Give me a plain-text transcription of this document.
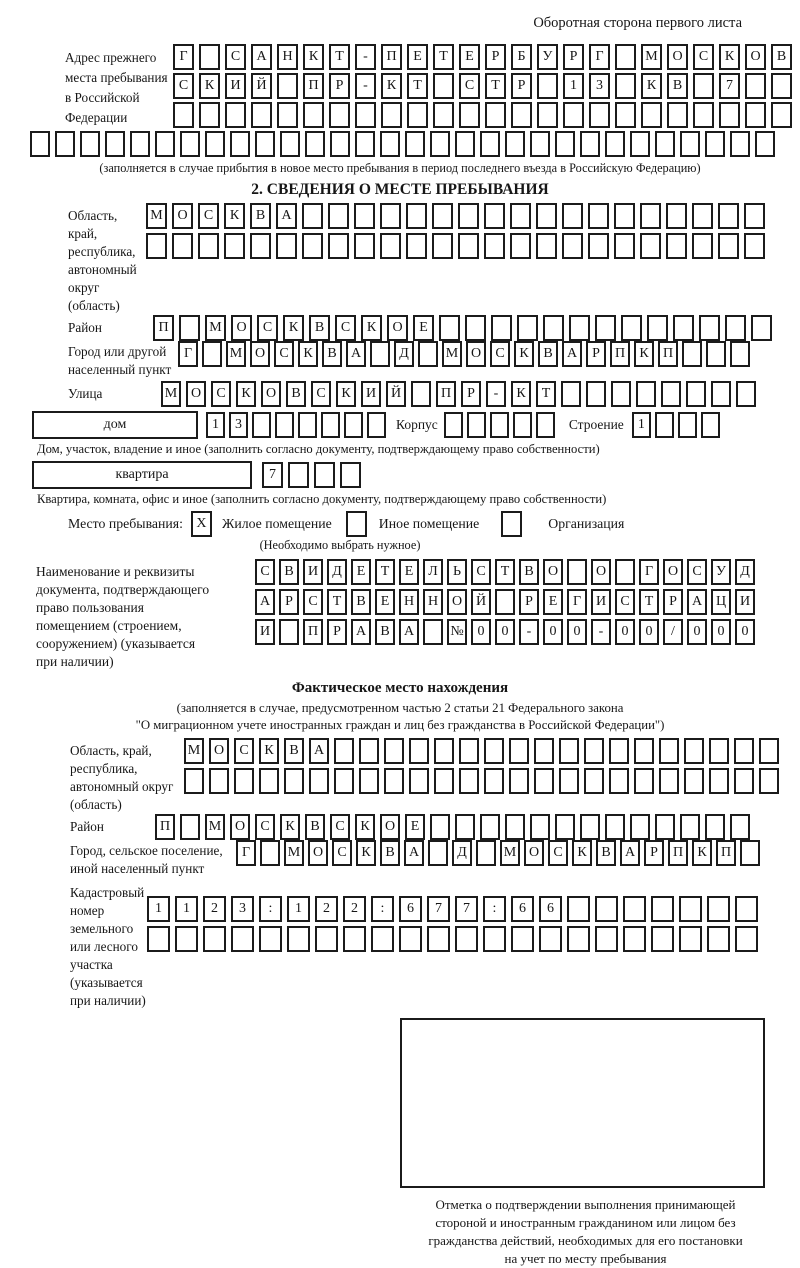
Оборотная сторона первого листа
Адрес прежнего
места пребывания
в Российской
Федерации
Г	С	А	Н	К	Т	-	П	Е	Т	Е	Р	Б	У	Р	Г	М	О	С	К	О	В
С	К	И	Й	П	Р	-	К	Т	С	Т	Р	1	3	К	В	7
(заполняется в случае прибытия в новое место пребывания в период последнего въезда в Российскую Федерацию)
2. СВЕДЕНИЯ О МЕСТЕ ПРЕБЫВАНИЯ
Область, край,
республика,
автономный
округ (область)
М	О	С	К	В	А
Район	П	М	О	С	К	В	С	К	О	Е
Город или другой
населенный пункт
Г	М О	С	К	В	А	Д	М О	С	К	В	А	Р	П	К	П
Улица	М О	С	К	О	В	С	К	И	Й	П	Р	-	К	Т
дом	1	3	Корпус	Строение	1
Дом, участок, владение и иное (заполнить согласно документу, подтверждающему право собственности)
квартира	7
Квартира, комната, офис и иное (заполнить согласно документу, подтверждающему право собственности)
Место пребывания: X	Жилое помещение	Иное помещение	Организация
(Необходимо выбрать нужное)
Наименование и реквизиты
документа, подтверждающего
право пользования
помещением (строением,
сооружением) (указывается
при наличии)
С	В	И	Д	Е	Т	Е	Л	Ь	С	Т	В	О	О	Г	О	С	У	Д
А	Р	С	Т	В	Е	Н Н О Й	Р	Е	Г	И	С	Т	Р	А Ц И
И	П	Р	А	В	А	№ 0	0	-	0	0	-	0	0	/	0	0	0
Фактическое место нахождения
(заполняется в случае, предусмотренном частью 2 статьи 21 Федерального закона
"О миграционном учете иностранных граждан и лиц без гражданства в Российской Федерации")
Область, край,
республика,
автономный округ
(область)
М О	С	К	В	А
Район	П	М О	С	К	В	С	К	О	Е
Город, сельское поселение,
иной населенный пункт
Г	М О	С	К	В	А	Д	М О	С	К	В	А	Р	П	К	П
Кадастровый номер
земельного или лесного
участка (указывается
при наличии)
1	1	2	3	:	1	2	2	:	6	7	7	:	6	6
Отметка о подтверждении выполнения принимающей
стороной и иностранным гражданином или лицом без
гражданства действий, необходимых для его постановки
на учет по месту пребывания
